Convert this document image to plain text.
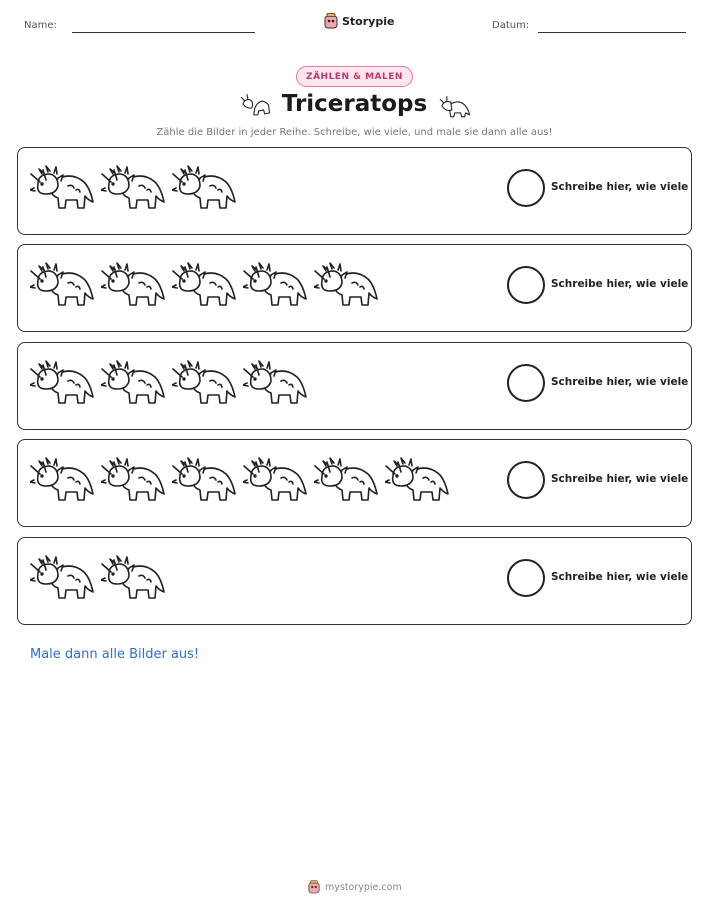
Name:	Storypie	Datum:
ZÄHLEN & MALEN
Triceratops
Zähle die Bilder in jeder Reihe. Schreibe, wie viele, und male sie dann alle aus!
Schreibe hier, wie viele
Schreibe hier, wie viele
Schreibe hier, wie viele
Schreibe hier, wie viele
Schreibe hier, wie viele
Male dann alle Bilder aus!
mystorypie.com
